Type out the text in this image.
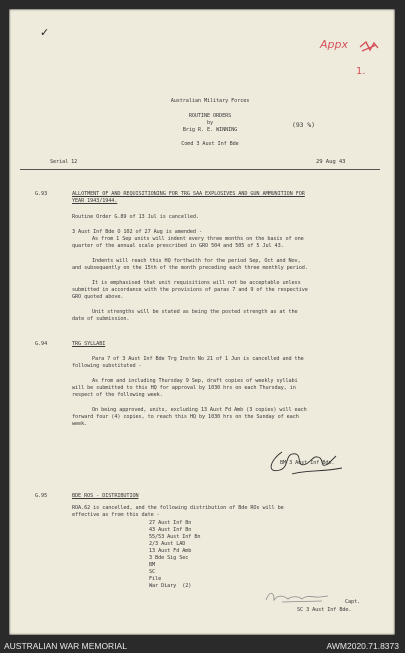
✓
Appx
1.
Australian Military Forces
ROUTINE ORDERS
by
Brig R. E. WINNING
(93 %)
Comd 3 Aust Inf Bde
Serial 12	29 Aug 43
G.93	ALLOTMENT OF AND REQUISITIONING FOR TRG SAA EXPLOSIVES AND GUN AMMUNITION FOR
YEAR 1943/1944.
Routine Order G.89 of 13 Jul is cancelled.
3 Aust Inf Bde O 102 of 27 Aug is amended -
As from 1 Sep units will indent every three months on the basis of one
quarter of the annual scale prescribed in GRO 504 and 505 of 5 Jul 43.
Indents will reach this HQ forthwith for the period Sep, Oct and Nov,
and subsequently on the 15th of the month preceding each three monthly period.
It is emphasised that unit requisitions will not be acceptable unless
submitted in accordance with the provisions of paras 7 and 9 of the respective
GRO quoted above.
Unit strengths will be stated as being the posted strength as at the
date of submission.
G.94	TRG SYLLABI
Para 7 of 3 Aust Inf Bde Trg Instn No 21 of 1 Jun is cancelled and the
following substituted -
As from and including Thursday 9 Sep, draft copies of weekly syllabi
will be submitted to this HQ for approval by 1030 hrs on each Thursday, in
respect of the following week.
On being approved, units, excluding 13 Aust Fd Amb (3 copies) will each
forward four (4) copies, to reach this HQ by 1030 hrs on the Sunday of each
week.
BM 3 Aust Inf Bde.
G.95	BDE ROS - DISTRIBUTION
ROA.62 is cancelled, and the following distribution of Bde ROs will be
effective as from this date -
27 Aust Inf Bn
43 Aust Inf Bn
55/53 Aust Inf Bn
2/3 Aust LAD
13 Aust Fd Amb
3 Bde Sig Sec
BM
SC
File
War Diary  (2)
Capt.
SC 3 Aust Inf Bde.
AUSTRALIAN WAR MEMORIAL	AWM2020.71.8373
